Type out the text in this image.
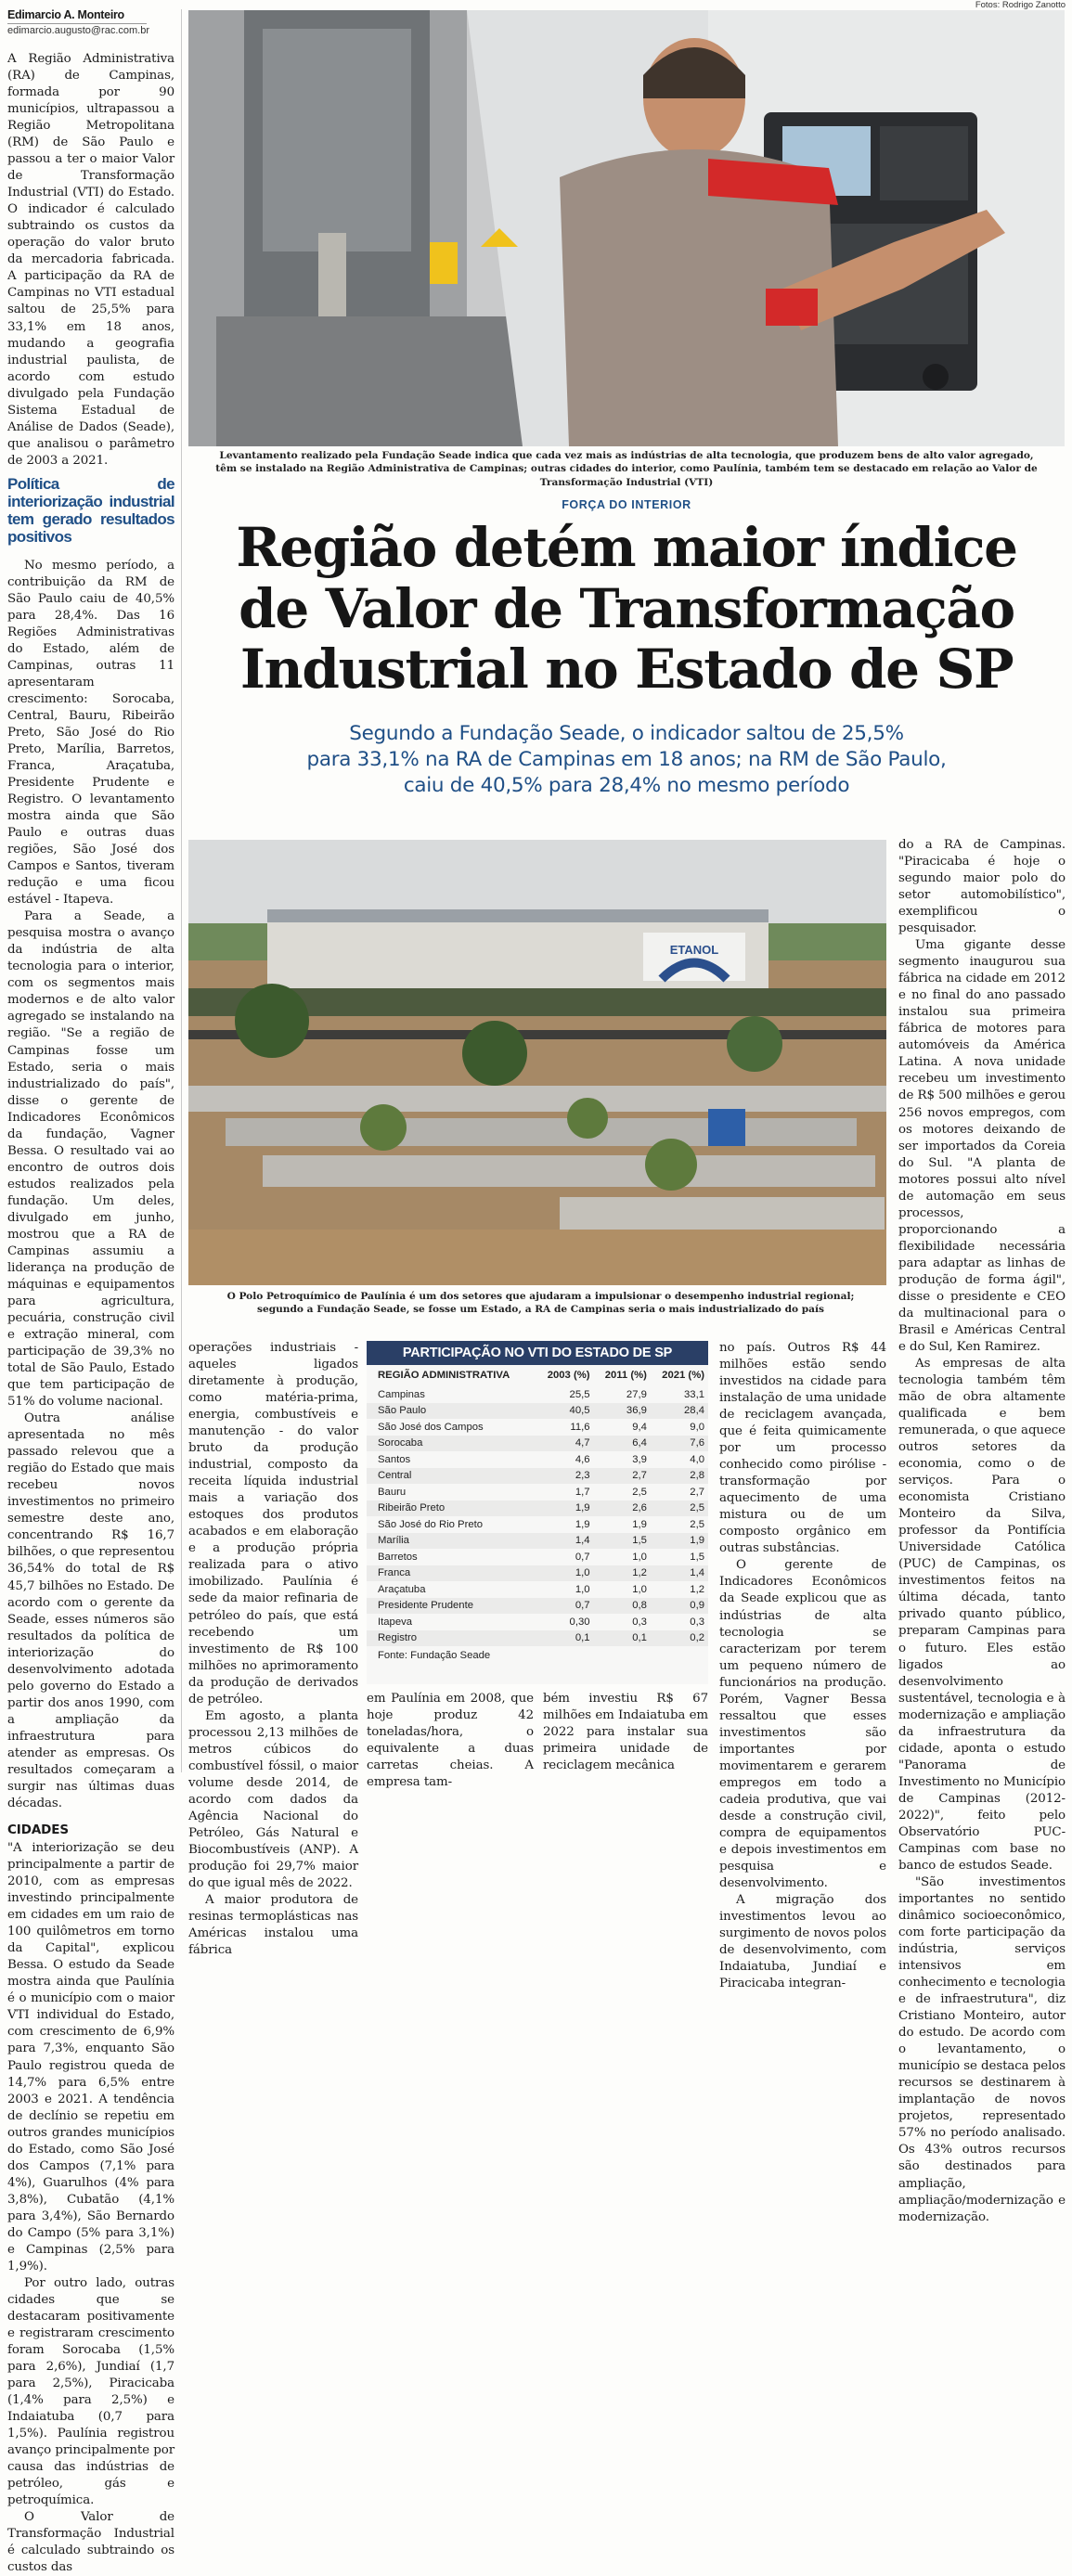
Edimarcio A. Monteiro
edimarcio.augusto@rac.com.br

A Região Administrativa (RA) de Campinas, formada por 90 municípios, ultrapassou a Região Metropolitana (RM) de São Paulo e passou a ter o maior Valor de Transformação Industrial (VTI) do Estado. O indicador é calculado subtraindo os custos da operação do valor bruto da mercadoria fabricada. A participação da RA de Campinas no VTI estadual saltou de 25,5% para 33,1% em 18 anos, mudando a geografia industrial paulista, de acordo com estudo divulgado pela Fundação Sistema Estadual de Análise de Dados (Seade), que analisou o parâmetro de 2003 a 2021.

Política de interiorização industrial tem gerado resultados positivos

No mesmo período, a contribuição da RM de São Paulo caiu de 40,5% para 28,4%. Das 16 Regiões Administrativas do Estado, além de Campinas, outras 11 apresentaram crescimento: Sorocaba, Central, Bauru, Ribeirão Preto, São José do Rio Preto, Marília, Barretos, Franca, Araçatuba, Presidente Prudente e Registro. O levantamento mostra ainda que São Paulo e outras duas regiões, São José dos Campos e Santos, tiveram redução e uma ficou estável - Itapeva.

Para a Seade, a pesquisa mostra o avanço da indústria de alta tecnologia para o interior, com os segmentos mais modernos e de alto valor agregado se instalando na região. "Se a região de Campinas fosse um Estado, seria o mais industrializado do país", disse o gerente de Indicadores Econômicos da fundação, Vagner Bessa. O resultado vai ao encontro de outros dois estudos realizados pela fundação. Um deles, divulgado em junho, mostrou que a RA de Campinas assumiu a liderança na produção de máquinas e equipamentos para agricultura, pecuária, construção civil e extração mineral, com participação de 39,3% no total de São Paulo, Estado que tem participação de 51% do volume nacional.

Outra análise apresentada no mês passado relevou que a região do Estado que mais recebeu novos investimentos no primeiro semestre deste ano, concentrando R$ 16,7 bilhões, o que representou 36,54% do total de R$ 45,7 bilhões no Estado. De acordo com o gerente da Seade, esses números são resultados da política de interiorização do desenvolvimento adotada pelo governo do Estado a partir dos anos 1990, com a ampliação da infraestrutura para atender as empresas. Os resultados começaram a surgir nas últimas duas décadas.

CIDADES

"A interiorização se deu principalmente a partir de 2010, com as empresas investindo principalmente em cidades em um raio de 100 quilômetros em torno da Capital", explicou Bessa. O estudo da Seade mostra ainda que Paulínia é o município com o maior VTI individual do Estado, com crescimento de 6,9% para 7,3%, enquanto São Paulo registrou queda de 14,7% para 6,5% entre 2003 e 2021. A tendência de declínio se repetiu em outros grandes municípios do Estado, como São José dos Campos (7,1% para 4%), Guarulhos (4% para 3,8%), Cubatão (4,1% para 3,4%), São Bernardo do Campo (5% para 3,1%) e Campinas (2,5% para 1,9%).

Por outro lado, outras cidades que se destacaram positivamente e registraram crescimento foram Sorocaba (1,5% para 2,6%), Jundiaí (1,7 para 2,5%), Piracicaba (1,4% para 2,5%) e Indaiatuba (0,7 para 1,5%). Paulínia registrou avanço principalmente por causa das indústrias de petróleo, gás e petroquímica.

O Valor de Transformação Industrial é calculado subtraindo os custos das

Fotos: Rodrigo Zanotto
Levantamento realizado pela Fundação Seade indica que cada vez mais as indústrias de alta tecnologia, que produzem bens de alto valor agregado, têm se instalado na Região Administrativa de Campinas; outras cidades do interior, como Paulínia, também tem se destacado em relação ao Valor de Transformação Industrial (VTI)
FORÇA DO INTERIOR
Região detém maior índice
de Valor de Transformação
Industrial no Estado de SP
Segundo a Fundação Seade, o indicador saltou de 25,5%
para 33,1% na RA de Campinas em 18 anos; na RM de São Paulo,
caiu de 40,5% para 28,4% no mesmo período
ETANOL
O Polo Petroquímico de Paulínia é um dos setores que ajudaram a impulsionar o desempenho industrial regional; segundo a Fundação Seade, se fosse um Estado, a RA de Campinas seria o mais industrializado do país

operações industriais - aqueles ligados diretamente à produção, como matéria-prima, energia, combustíveis e manutenção - do valor bruto da produção industrial, composto da receita líquida industrial mais a variação dos estoques dos produtos acabados e em elaboração e a produção própria realizada para o ativo imobilizado. Paulínia é sede da maior refinaria de petróleo do país, que está recebendo um investimento de R$ 100 milhões no aprimoramento da produção de derivados de petróleo.

Em agosto, a planta processou 2,13 milhões de metros cúbicos do combustível fóssil, o maior volume desde 2014, de acordo com dados da Agência Nacional do Petróleo, Gás Natural e Biocombustíveis (ANP). A produção foi 29,7% maior do que igual mês de 2022.

A maior produtora de resinas termoplásticas nas Américas instalou uma fábrica

PARTICIPAÇÃO NO VTI DO ESTADO DE SP
REGIÃO ADMINISTRATIVA	2003 (%)	2011 (%)	2021 (%)
Campinas	25,5	27,9	33,1
São Paulo	40,5	36,9	28,4
São José dos Campos	11,6	9,4	9,0
Sorocaba	4,7	6,4	7,6
Santos	4,6	3,9	4,0
Central	2,3	2,7	2,8
Bauru	1,7	2,5	2,7
Ribeirão Preto	1,9	2,6	2,5
São José do Rio Preto	1,9	1,9	2,5
Marília	1,4	1,5	1,9
Barretos	0,7	1,0	1,5
Franca	1,0	1,2	1,4
Araçatuba	1,0	1,0	1,2
Presidente Prudente	0,7	0,8	0,9
Itapeva	0,30	0,3	0,3
Registro	0,1	0,1	0,2
Fonte: Fundação Seade
em Paulínia em 2008, que hoje produz 42 toneladas/hora, o equivalente a duas carretas cheias. A empresa tam-
bém investiu R$ 67 milhões em Indaiatuba em 2022 para instalar sua primeira unidade de reciclagem mecânica

no país. Outros R$ 44 milhões estão sendo investidos na cidade para instalação de uma unidade de reciclagem avançada, que é feita quimicamente por um processo conhecido como pirólise - transformação por aquecimento de uma mistura ou de um composto orgânico em outras substâncias.

O gerente de Indicadores Econômicos da Seade explicou que as indústrias de alta tecnologia se caracterizam por terem um pequeno número de funcionários na produção. Porém, Vagner Bessa ressaltou que esses investimentos são importantes por movimentarem e gerarem empregos em todo a cadeia produtiva, que vai desde a construção civil, compra de equipamentos e depois investimentos em pesquisa e desenvolvimento.

A migração dos investimentos levou ao surgimento de novos polos de desenvolvimento, com Indaiatuba, Jundiaí e Piracicaba integran-

do a RA de Campinas. "Piracicaba é hoje o segundo maior polo do setor automobilístico", exemplificou o pesquisador.

Uma gigante desse segmento inaugurou sua fábrica na cidade em 2012 e no final do ano passado instalou sua primeira fábrica de motores para automóveis da América Latina. A nova unidade recebeu um investimento de R$ 500 milhões e gerou 256 novos empregos, com os motores deixando de ser importados da Coreia do Sul. "A planta de motores possui alto nível de automação em seus processos, proporcionando a flexibilidade necessária para adaptar as linhas de produção de forma ágil", disse o presidente e CEO da multinacional para o Brasil e Américas Central e do Sul, Ken Ramirez.

As empresas de alta tecnologia também têm mão de obra altamente qualificada e bem remunerada, o que aquece outros setores da economia, como o de serviços. Para o economista Cristiano Monteiro da Silva, professor da Pontifícia Universidade Católica (PUC) de Campinas, os investimentos feitos na última década, tanto privado quanto público, preparam Campinas para o futuro. Eles estão ligados ao desenvolvimento sustentável, tecnologia e à modernização e ampliação da infraestrutura da cidade, aponta o estudo "Panorama de Investimento no Município de Campinas (2012-2022)", feito pelo Observatório PUC-Campinas com base no banco de estudos Seade.

"São investimentos importantes no sentido dinâmico socioeconômico, com forte participação da indústria, serviços intensivos em conhecimento e tecnologia e de infraestrutura", diz Cristiano Monteiro, autor do estudo. De acordo com o levantamento, o município se destaca pelos recursos se destinarem à implantação de novos projetos, representado 57% no período analisado. Os 43% outros recursos são destinados para ampliação, ampliação/modernização e modernização.
